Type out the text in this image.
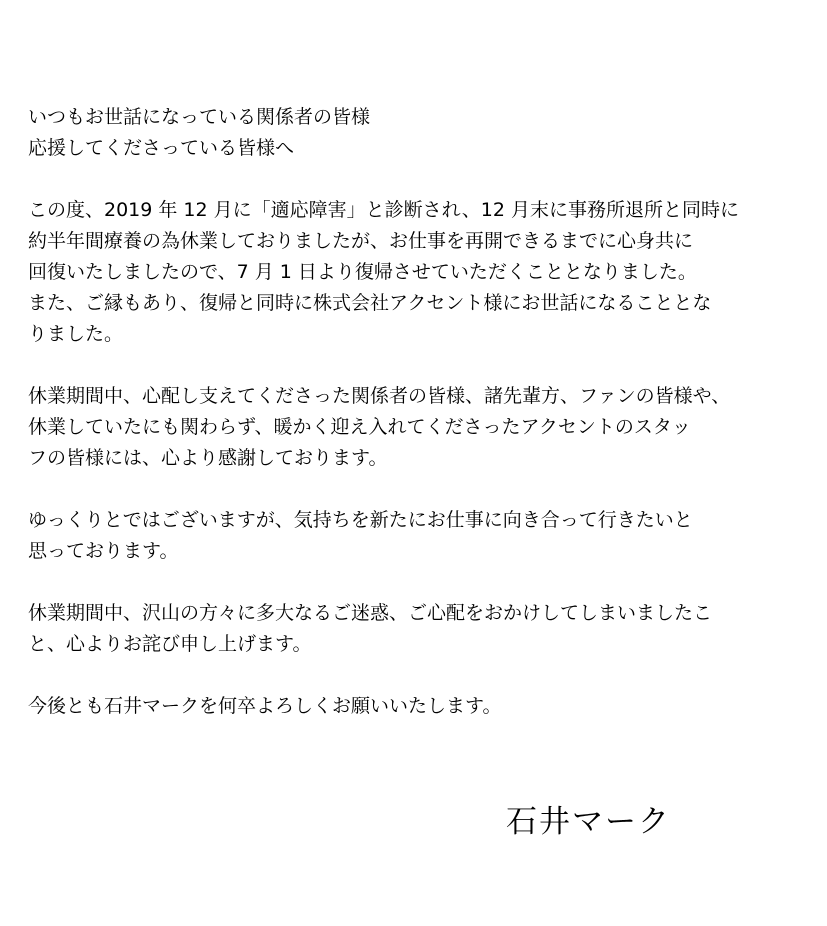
いつもお世話になっている関係者の皆様
応援してくださっている皆様へ
この度、2019 年 12 月に「適応障害」と診断され、12 月末に事務所退所と同時に
約半年間療養の為休業しておりましたが、お仕事を再開できるまでに心身共に
回復いたしましたので、7 月 1 日より復帰させていただくこととなりました。
また、ご縁もあり、復帰と同時に株式会社アクセント様にお世話になることとな
りました。
休業期間中、心配し支えてくださった関係者の皆様、諸先輩方、ファンの皆様や、
休業していたにも関わらず、暖かく迎え入れてくださったアクセントのスタッ
フの皆様には、心より感謝しております。
ゆっくりとではございますが、気持ちを新たにお仕事に向き合って行きたいと
思っております。
休業期間中、沢山の方々に多大なるご迷惑、ご心配をおかけしてしまいましたこ
と、心よりお詫び申し上げます。
今後とも石井マークを何卒よろしくお願いいたします。
石井マーク
